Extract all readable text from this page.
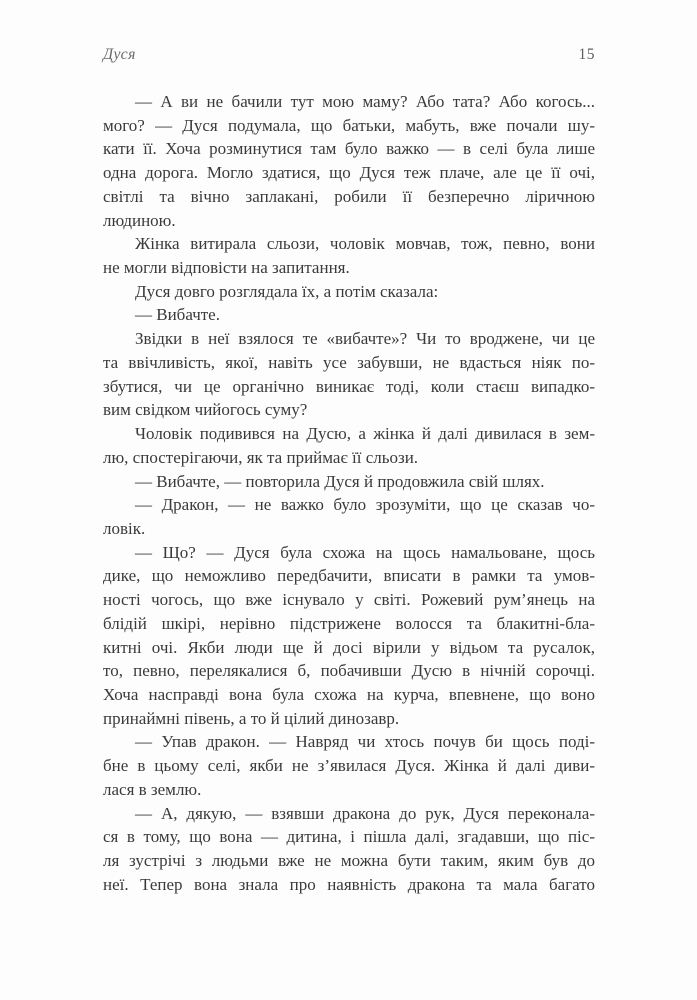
Дуся	15
— А ви не бачили тут мою маму? Або тата? Або когось...
мого? — Дуся подумала, що батьки, мабуть, вже почали шу-
кати її. Хоча розминутися там було важко — в селі була лише
одна дорога. Могло здатися, що Дуся теж плаче, але це її очі,
світлі та вічно заплакані, робили її безперечно ліричною
людиною.
Жінка витирала сльози, чоловік мовчав, тож, певно, вони
не могли відповісти на запитання.
Дуся довго розглядала їх, а потім сказала:
— Вибачте.
Звідки в неї взялося те «вибачте»? Чи то вроджене, чи це
та ввічливість, якої, навіть усе забувши, не вдасться ніяк по-
збутися, чи це органічно виникає тоді, коли стаєш випадко-
вим свідком чийогось суму?
Чоловік подивився на Дусю, а жінка й далі дивилася в зем-
лю, спостерігаючи, як та приймає її сльози.
— Вибачте, — повторила Дуся й продовжила свій шлях.
— Дракон, — не важко було зрозуміти, що це сказав чо-
ловік.
— Що? — Дуся була схожа на щось намальоване, щось
дике, що неможливо передбачити, вписати в рамки та умов-
ності чогось, що вже існувало у світі. Рожевий рум’янець на
блідій шкірі, нерівно підстрижене волосся та блакитні-бла-
китні очі. Якби люди ще й досі вірили у відьом та русалок,
то, певно, перелякалися б, побачивши Дусю в нічній сорочці.
Хоча насправді вона була схожа на курча, впевнене, що воно
принаймні півень, а то й цілий динозавр.
— Упав дракон. — Навряд чи хтось почув би щось поді-
бне в цьому селі, якби не з’явилася Дуся. Жінка й далі диви-
лася в землю.
— А, дякую, — взявши дракона до рук, Дуся переконала-
ся в тому, що вона — дитина, і пішла далі, згадавши, що піс-
ля зустрічі з людьми вже не можна бути таким, яким був до
неї. Тепер вона знала про наявність дракона та мала багато
